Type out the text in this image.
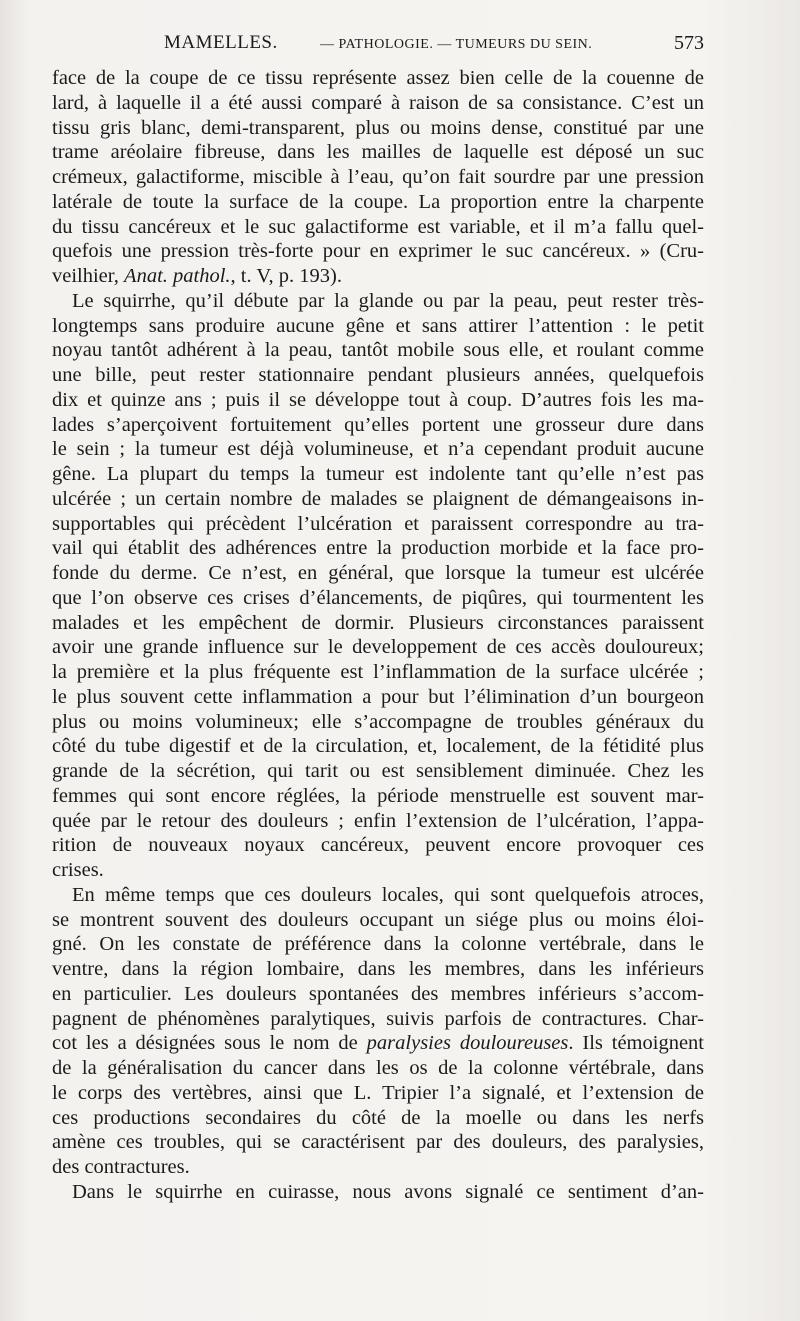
MAMELLES.	— PATHOLOGIE. — TUMEURS DU SEIN.	573
face de la coupe de ce tissu représente assez bien celle de la couenne de
lard, à laquelle il a été aussi comparé à raison de sa consistance. C’est un
tissu gris blanc, demi-transparent, plus ou moins dense, constitué par une
trame aréolaire fibreuse, dans les mailles de laquelle est déposé un suc
crémeux, galactiforme, miscible à l’eau, qu’on fait sourdre par une pression
latérale de toute la surface de la coupe. La proportion entre la charpente
du tissu cancéreux et le suc galactiforme est variable, et il m’a fallu quel-
quefois une pression très-forte pour en exprimer le suc cancéreux. » (Cru-
veilhier, Anat. pathol., t. V, p. 193).
Le squirrhe, qu’il débute par la glande ou par la peau, peut rester très-
longtemps sans produire aucune gêne et sans attirer l’attention : le petit
noyau tantôt adhérent à la peau, tantôt mobile sous elle, et roulant comme
une bille, peut rester stationnaire pendant plusieurs années, quelquefois
dix et quinze ans ; puis il se développe tout à coup. D’autres fois les ma-
lades s’aperçoivent fortuitement qu’elles portent une grosseur dure dans
le sein ; la tumeur est déjà volumineuse, et n’a cependant produit aucune
gêne. La plupart du temps la tumeur est indolente tant qu’elle n’est pas
ulcérée ; un certain nombre de malades se plaignent de démangeaisons in-
supportables qui précèdent l’ulcération et paraissent correspondre au tra-
vail qui établit des adhérences entre la production morbide et la face pro-
fonde du derme. Ce n’est, en général, que lorsque la tumeur est ulcérée
que l’on observe ces crises d’élancements, de piqûres, qui tourmentent les
malades et les empêchent de dormir. Plusieurs circonstances paraissent
avoir une grande influence sur le developpement de ces accès douloureux;
la première et la plus fréquente est l’inflammation de la surface ulcérée ;
le plus souvent cette inflammation a pour but l’élimination d’un bourgeon
plus ou moins volumineux; elle s’accompagne de troubles généraux du
côté du tube digestif et de la circulation, et, localement, de la fétidité plus
grande de la sécrétion, qui tarit ou est sensiblement diminuée. Chez les
femmes qui sont encore réglées, la période menstruelle est souvent mar-
quée par le retour des douleurs ; enfin l’extension de l’ulcération, l’appa-
rition de nouveaux noyaux cancéreux, peuvent encore provoquer ces
crises.
En même temps que ces douleurs locales, qui sont quelquefois atroces,
se montrent souvent des douleurs occupant un siége plus ou moins éloi-
gné. On les constate de préférence dans la colonne vertébrale, dans le
ventre, dans la région lombaire, dans les membres, dans les inférieurs
en particulier. Les douleurs spontanées des membres inférieurs s’accom-
pagnent de phénomènes paralytiques, suivis parfois de contractures. Char-
cot les a désignées sous le nom de paralysies douloureuses. Ils témoignent
de la généralisation du cancer dans les os de la colonne vértébrale, dans
le corps des vertèbres, ainsi que L. Tripier l’a signalé, et l’extension de
ces productions secondaires du côté de la moelle ou dans les nerfs
amène ces troubles, qui se caractérisent par des douleurs, des paralysies,
des contractures.
Dans le squirrhe en cuirasse, nous avons signalé ce sentiment d’an-
